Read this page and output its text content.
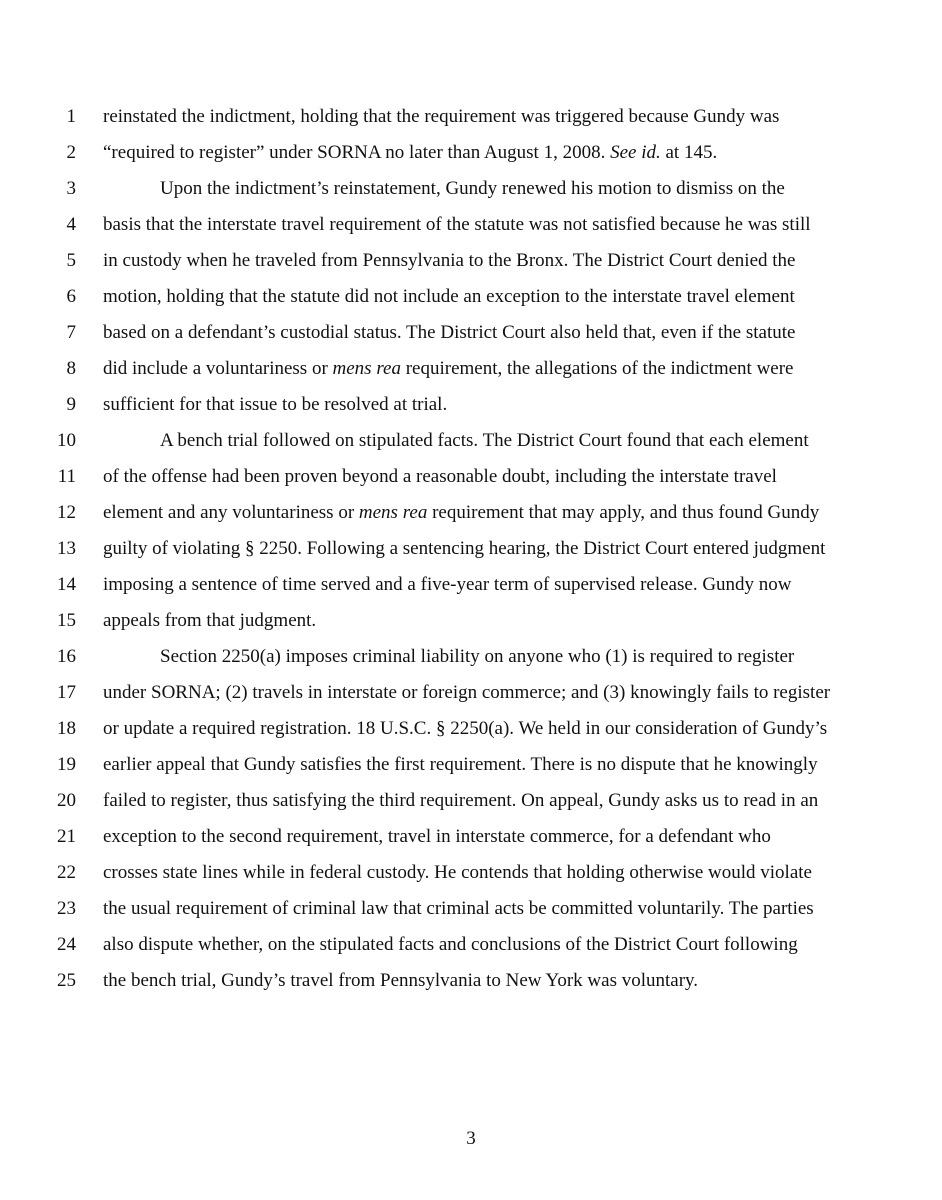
1 reinstated the indictment, holding that the requirement was triggered because Gundy was
2 “required to register” under SORNA no later than August 1, 2008. See id. at 145.
3	Upon the indictment’s reinstatement, Gundy renewed his motion to dismiss on the
4 basis that the interstate travel requirement of the statute was not satisfied because he was still
5 in custody when he traveled from Pennsylvania to the Bronx. The District Court denied the
6 motion, holding that the statute did not include an exception to the interstate travel element
7 based on a defendant’s custodial status. The District Court also held that, even if the statute
8 did include a voluntariness or mens rea requirement, the allegations of the indictment were
9 sufficient for that issue to be resolved at trial.
10	A bench trial followed on stipulated facts. The District Court found that each element
11 of the offense had been proven beyond a reasonable doubt, including the interstate travel
12 element and any voluntariness or mens rea requirement that may apply, and thus found Gundy
13 guilty of violating § 2250. Following a sentencing hearing, the District Court entered judgment
14 imposing a sentence of time served and a five-year term of supervised release. Gundy now
15 appeals from that judgment.
16	Section 2250(a) imposes criminal liability on anyone who (1) is required to register
17 under SORNA; (2) travels in interstate or foreign commerce; and (3) knowingly fails to register
18 or update a required registration. 18 U.S.C. § 2250(a). We held in our consideration of Gundy’s
19 earlier appeal that Gundy satisfies the first requirement. There is no dispute that he knowingly
20 failed to register, thus satisfying the third requirement. On appeal, Gundy asks us to read in an
21 exception to the second requirement, travel in interstate commerce, for a defendant who
22 crosses state lines while in federal custody. He contends that holding otherwise would violate
23 the usual requirement of criminal law that criminal acts be committed voluntarily. The parties
24 also dispute whether, on the stipulated facts and conclusions of the District Court following
25 the bench trial, Gundy’s travel from Pennsylvania to New York was voluntary.
3
